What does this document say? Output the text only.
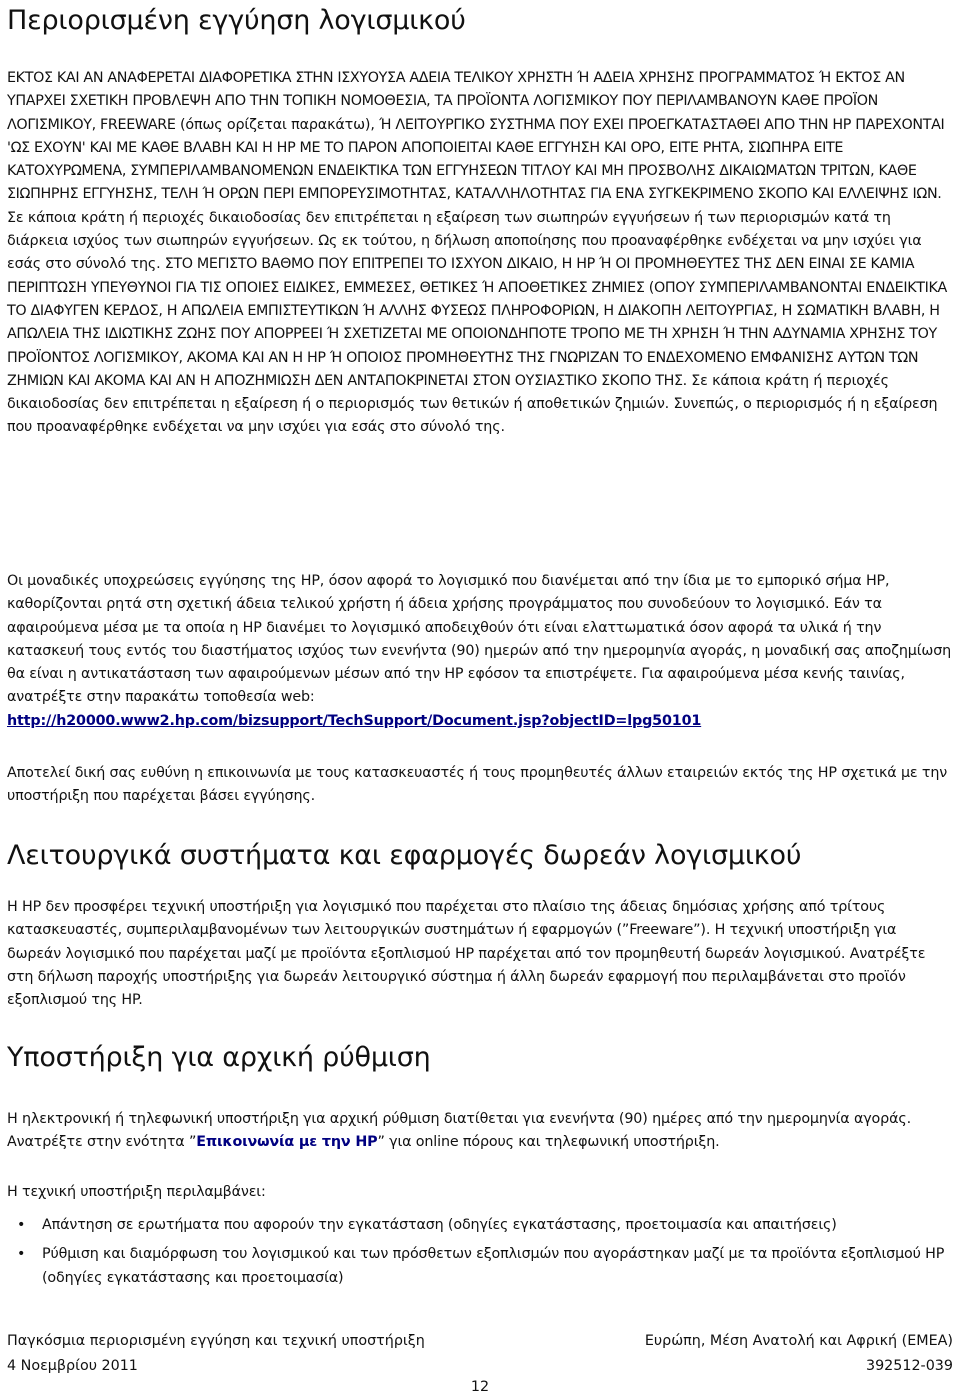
Περιορισμένη εγγύηση λογισμικού
ΕΚΤΟΣ ΚΑΙ ΑΝ ΑΝΑΦΕΡΕΤΑΙ ΔΙΑΦΟΡΕΤΙΚΑ ΣΤΗΝ ΙΣΧΥΟΥΣΑ ΑΔΕΙΑ ΤΕΛΙΚΟΥ ΧΡΗΣΤΗ Ή ΑΔΕΙΑ ΧΡΗΣΗΣ ΠΡΟΓΡΑΜΜΑΤΟΣ Ή ΕΚΤΟΣ ΑΝ ΥΠΑΡΧΕΙ ΣΧΕΤΙΚΗ ΠΡΟΒΛΕΨΗ ΑΠΟ ΤΗΝ ΤΟΠΙΚΗ ΝΟΜΟΘΕΣΙΑ, ΤΑ ΠΡΟΪΟΝΤΑ ΛΟΓΙΣΜΙΚΟΥ ΠΟΥ ΠΕΡΙΛΑΜΒΑΝΟΥΝ ΚΑΘΕ ΠΡΟΪΟΝ ΛΟΓΙΣΜΙΚΟΥ, FREEWARE (όπως ορίζεται παρακάτω), Ή ΛΕΙΤΟΥΡΓΙΚΟ ΣΥΣΤΗΜΑ ΠΟΥ ΕΧΕΙ ΠΡΟΕΓΚΑΤΑΣΤΑΘΕΙ ΑΠΟ ΤΗΝ HP ΠΑΡΕΧΟΝΤΑΙ 'ΩΣ ΕΧΟΥΝ' ΚΑΙ ΜΕ ΚΑΘΕ ΒΛΑΒΗ ΚΑΙ Η HP ΜΕ ΤΟ ΠΑΡΟΝ ΑΠΟΠΟΙΕΙΤΑΙ ΚΑΘΕ ΕΓΓΥΗΣΗ ΚΑΙ ΟΡΟ, ΕΙΤΕ ΡΗΤΑ, ΣΙΩΠΗΡΑ ΕΙΤΕ ΚΑΤΟΧΥΡΩΜΕΝΑ, ΣΥΜΠΕΡΙΛΑΜΒΑΝΟΜΕΝΩΝ ΕΝΔΕΙΚΤΙΚΑ ΤΩΝ ΕΓΓΥΗΣΕΩΝ ΤΙΤΛΟΥ ΚΑΙ ΜΗ ΠΡΟΣΒΟΛΗΣ ΔΙΚΑΙΩΜΑΤΩΝ ΤΡΙΤΩΝ, ΚΑΘΕ ΣΙΩΠΗΡΗΣ ΕΓΓΥΗΣΗΣ, ΤΕΛΗ Ή ΟΡΩΝ ΠΕΡΙ ΕΜΠΟΡΕΥΣΙΜΟΤΗΤΑΣ, ΚΑΤΑΛΛΗΛΟΤΗΤΑΣ ΓΙΑ ΕΝΑ ΣΥΓΚΕΚΡΙΜΕΝΟ ΣΚΟΠΟ ΚΑΙ ΕΛΛΕΙΨΗΣ ΙΩΝ. Σε κάποια κράτη ή περιοχές δικαιοδοσίας δεν επιτρέπεται η εξαίρεση των σιωπηρών εγγυήσεων ή των περιορισμών κατά τη διάρκεια ισχύος των σιωπηρών εγγυήσεων. Ως εκ τούτου, η δήλωση αποποίησης που προαναφέρθηκε ενδέχεται να μην ισχύει για εσάς στο σύνολό της. ΣΤΟ ΜΕΓΙΣΤΟ ΒΑΘΜΟ ΠΟΥ ΕΠΙΤΡΕΠΕΙ ΤΟ ΙΣΧΥΟΝ ΔΙΚΑΙΟ, Η HP Ή ΟΙ ΠΡΟΜΗΘΕΥΤΕΣ ΤΗΣ ΔΕΝ ΕΙΝΑΙ ΣΕ ΚΑΜΙΑ ΠΕΡΙΠΤΩΣΗ ΥΠΕΥΘΥΝΟΙ ΓΙΑ ΤΙΣ ΟΠΟΙΕΣ ΕΙΔΙΚΕΣ, ΕΜΜΕΣΕΣ, ΘΕΤΙΚΕΣ Ή ΑΠΟΘΕΤΙΚΕΣ ΖΗΜΙΕΣ (ΟΠΟΥ ΣΥΜΠΕΡΙΛΑΜΒΑΝΟΝΤΑΙ ΕΝΔΕΙΚΤΙΚΑ ΤΟ ΔΙΑΦΥΓΕΝ ΚΕΡΔΟΣ, Η ΑΠΩΛΕΙΑ ΕΜΠΙΣΤΕΥΤΙΚΩΝ Ή ΑΛΛΗΣ ΦΥΣΕΩΣ ΠΛΗΡΟΦΟΡΙΩΝ, Η ΔΙΑΚΟΠΗ ΛΕΙΤΟΥΡΓΙΑΣ, Η ΣΩΜΑΤΙΚΗ ΒΛΑΒΗ, Η ΑΠΩΛΕΙΑ ΤΗΣ ΙΔΙΩΤΙΚΗΣ ΖΩΗΣ ΠΟΥ ΑΠΟΡΡΕΕΙ Ή ΣΧΕΤΙΖΕΤΑΙ ΜΕ ΟΠΟΙΟΝΔΗΠΟΤΕ ΤΡΟΠΟ ΜΕ ΤΗ ΧΡΗΣΗ Ή ΤΗΝ ΑΔΥΝΑΜΙΑ ΧΡΗΣΗΣ ΤΟΥ ΠΡΟΪΟΝΤΟΣ ΛΟΓΙΣΜΙΚΟΥ, ΑΚΟΜΑ ΚΑΙ ΑΝ Η HP Ή ΟΠΟΙΟΣ ΠΡΟΜΗΘΕΥΤΗΣ ΤΗΣ ΓΝΩΡΙΖΑΝ ΤΟ ΕΝΔΕΧΟΜΕΝΟ ΕΜΦΑΝΙΣΗΣ ΑΥΤΩΝ ΤΩΝ ΖΗΜΙΩΝ ΚΑΙ ΑΚΟΜΑ ΚΑΙ ΑΝ Η ΑΠΟΖΗΜΙΩΣΗ ΔΕΝ ΑΝΤΑΠΟΚΡΙΝΕΤΑΙ ΣΤΟΝ ΟΥΣΙΑΣΤΙΚΟ ΣΚΟΠΟ ΤΗΣ. Σε κάποια κράτη ή περιοχές δικαιοδοσίας δεν επιτρέπεται η εξαίρεση ή ο περιορισμός των θετικών ή αποθετικών ζημιών. Συνεπώς, ο περιορισμός ή η εξαίρεση που προαναφέρθηκε ενδέχεται να μην ισχύει για εσάς στο σύνολό της.
Οι μοναδικές υποχρεώσεις εγγύησης της HP, όσον αφορά το λογισμικό που διανέμεται από την ίδια με το εμπορικό σήμα HP, καθορίζονται ρητά στη σχετική άδεια τελικού χρήστη ή άδεια χρήσης προγράμματος που συνοδεύουν το λογισμικό. Εάν τα αφαιρούμενα μέσα με τα οποία η HP διανέμει το λογισμικό αποδειχθούν ότι είναι ελαττωματικά όσον αφορά τα υλικά ή την κατασκευή τους εντός του διαστήματος ισχύος των ενενήντα (90) ημερών από την ημερομηνία αγοράς, η μοναδική σας αποζημίωση θα είναι η αντικατάσταση των αφαιρούμενων μέσων από την HP εφόσον τα επιστρέψετε. Για αφαιρούμενα μέσα κενής ταινίας, ανατρέξτε στην παρακάτω τοποθεσία web:
http://h20000.www2.hp.com/bizsupport/TechSupport/Document.jsp?objectID=lpg50101
Αποτελεί δική σας ευθύνη η επικοινωνία με τους κατασκευαστές ή τους προμηθευτές άλλων εταιρειών εκτός της HP σχετικά με την υποστήριξη που παρέχεται βάσει εγγύησης.
Λειτουργικά συστήματα και εφαρμογές δωρεάν λογισμικού
Η HP δεν προσφέρει τεχνική υποστήριξη για λογισμικό που παρέχεται στο πλαίσιο της άδειας δημόσιας χρήσης από τρίτους κατασκευαστές, συμπεριλαμβανομένων των λειτουργικών συστημάτων ή εφαρμογών (”Freeware”). Η τεχνική υποστήριξη για δωρεάν λογισμικό που παρέχεται μαζί με προϊόντα εξοπλισμού HP παρέχεται από τον προμηθευτή δωρεάν λογισμικού. Ανατρέξτε στη δήλωση παροχής υποστήριξης για δωρεάν λειτουργικό σύστημα ή άλλη δωρεάν εφαρμογή που περιλαμβάνεται στο προϊόν εξοπλισμού της HP.
Υποστήριξη για αρχική ρύθμιση
Η ηλεκτρονική ή τηλεφωνική υποστήριξη για αρχική ρύθμιση διατίθεται για ενενήντα (90) ημέρες από την ημερομηνία αγοράς. Ανατρέξτε στην ενότητα ”Επικοινωνία με την HP” για online πόρους και τηλεφωνική υποστήριξη.
Η τεχνική υποστήριξη περιλαμβάνει:
• Απάντηση σε ερωτήματα που αφορούν την εγκατάσταση (οδηγίες εγκατάστασης, προετοιμασία και απαιτήσεις)
• Ρύθμιση και διαμόρφωση του λογισμικού και των πρόσθετων εξοπλισμών που αγοράστηκαν μαζί με τα προϊόντα εξοπλισμού HP (οδηγίες εγκατάστασης και προετοιμασία)
Παγκόσμια περιορισμένη εγγύηση και τεχνική υποστήριξη	Ευρώπη, Μέση Ανατολή και Αφρική (EMEA)
4 Νοεμβρίου 2011	392512-039
12
